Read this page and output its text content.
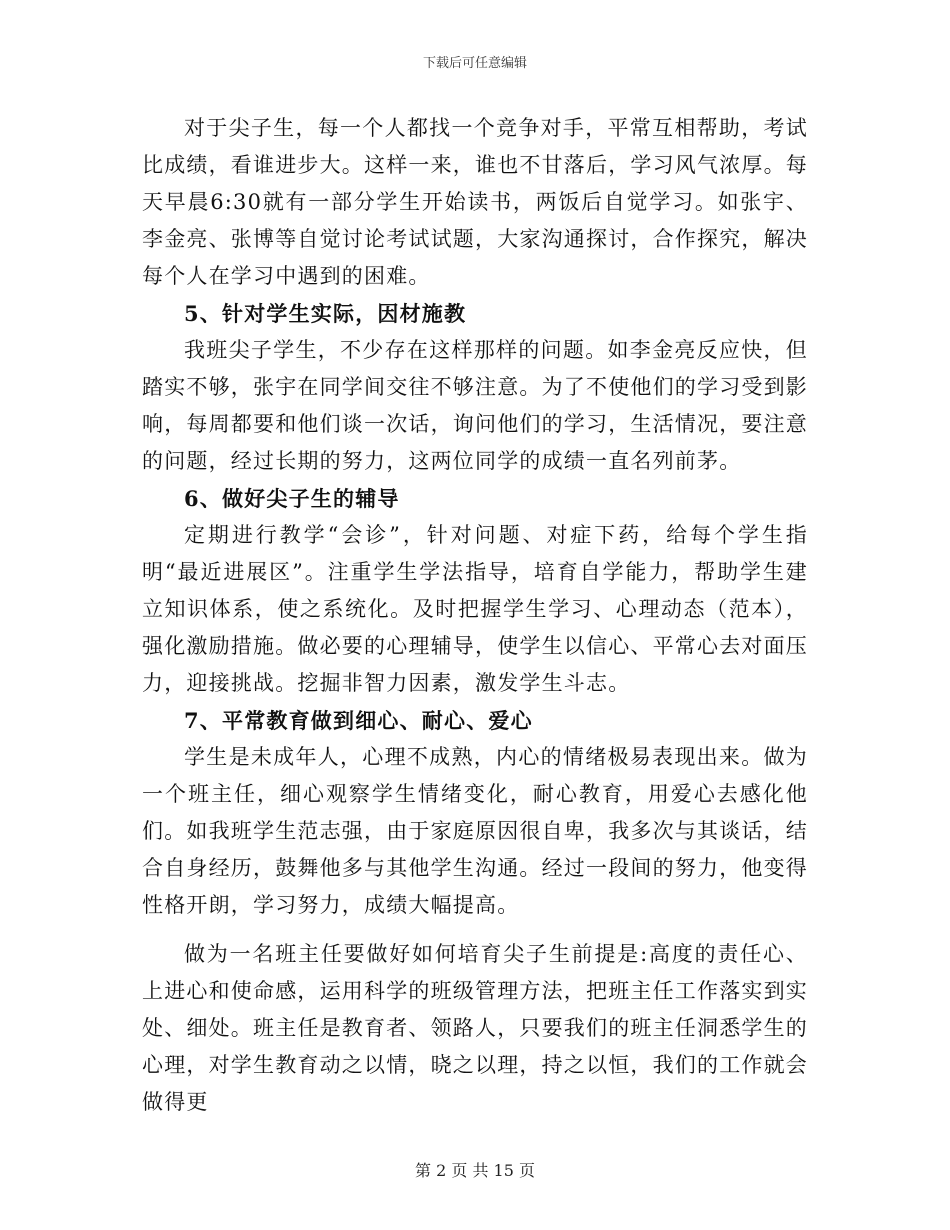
下载后可任意编辑

对于尖子生，每一个人都找一个竞争对手，平常互相帮助，考试比成绩，看谁进步大。这样一来，谁也不甘落后，学习风气浓厚。每天早晨6:30就有一部分学生开始读书，两饭后自觉学习。如张宇、李金亮、张博等自觉讨论考试试题，大家沟通探讨，合作探究，解决每个人在学习中遇到的困难。

5、针对学生实际，因材施教

我班尖子学生，不少存在这样那样的问题。如李金亮反应快，但踏实不够，张宇在同学间交往不够注意。为了不使他们的学习受到影响，每周都要和他们谈一次话，询问他们的学习，生活情况，要注意的问题，经过长期的努力，这两位同学的成绩一直名列前茅。

6、做好尖子生的辅导

定期进行教学“会诊”，针对问题、对症下药，给每个学生指明“最近进展区”。注重学生学法指导，培育自学能力，帮助学生建立知识体系，使之系统化。及时把握学生学习、心理动态（范本），强化激励措施。做必要的心理辅导，使学生以信心、平常心去对面压力，迎接挑战。挖掘非智力因素，激发学生斗志。

7、平常教育做到细心、耐心、爱心

学生是未成年人，心理不成熟，内心的情绪极易表现出来。做为一个班主任，细心观察学生情绪变化，耐心教育，用爱心去感化他们。如我班学生范志强，由于家庭原因很自卑，我多次与其谈话，结合自身经历，鼓舞他多与其他学生沟通。经过一段间的努力，他变得性格开朗，学习努力，成绩大幅提高。

做为一名班主任要做好如何培育尖子生前提是:高度的责任心、上进心和使命感，运用科学的班级管理方法，把班主任工作落实到实处、细处。班主任是教育者、领路人，只要我们的班主任洞悉学生的心理，对学生教育动之以情，晓之以理，持之以恒，我们的工作就会做得更

第 2 页 共 15 页
